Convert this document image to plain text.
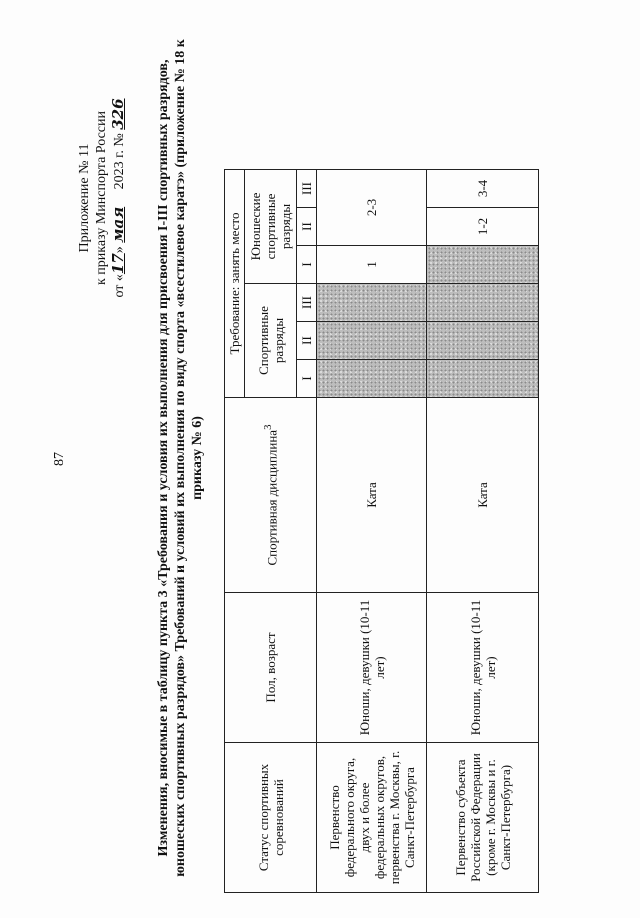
87
Приложение № 11 к приказу Минспорта России
от «17» мая 2023 г. № 326 Изменения, вносимые в таблицу пункта 3 «Требования и условия их выполнения для присвоения I-III спортивных разрядов, юношеских спортивных разрядов» Требований и условий их выполнения по виду спорта «всестилевое каратэ» (приложение № 18 к приказу № 6)
Статус спортивных соревнований	Пол, возраст	Спортивная дисциплина$^3$	Требование: занять место					
			Спортивные разряды			Юношеские спортивные разряды		
			I	II	III	I	II	III
Первенство федерального округа, двух и более федеральных округов, первенства г. Москвы, г. Санкт-Петербурга	Юноши, девушки (10-11 лет)	Ката				1	2-3	
Первенство субъекта Российской Федерации (кроме г. Москвы и г. Санкт-Петербурга)	Юноши, девушки (10-11 лет)	Ката					1-2	3-4
